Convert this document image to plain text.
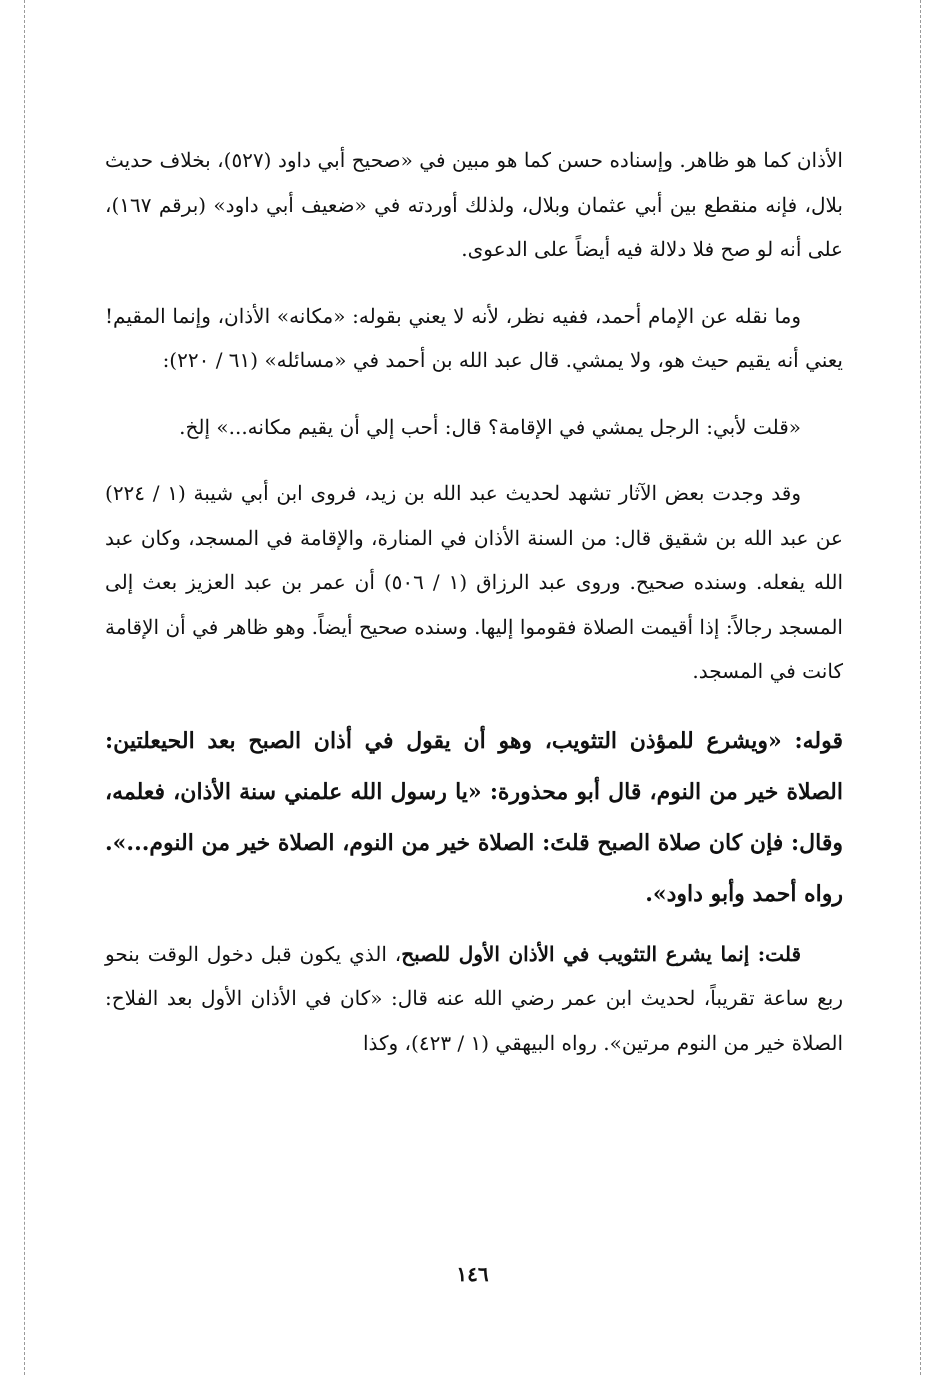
الأذان كما هو ظاهر. وإسناده حسن كما هو مبين في «صحيح أبي داود (٥٢٧)، بخلاف حديث بلال، فإنه منقطع بين أبي عثمان وبلال، ولذلك أوردته في «ضعيف أبي داود» (برقم ١٦٧)، على أنه لو صح فلا دلالة فيه أيضاً على الدعوى.

وما نقله عن الإمام أحمد، ففيه نظر، لأنه لا يعني بقوله: «مكانه» الأذان، وإنما المقيم! يعني أنه يقيم حيث هو، ولا يمشي. قال عبد الله بن أحمد في «مسائله» (٦١ / ٢٢٠):

«قلت لأبي: الرجل يمشي في الإقامة؟ قال: أحب إلي أن يقيم مكانه...» إلخ.

وقد وجدت بعض الآثار تشهد لحديث عبد الله بن زيد، فروى ابن أبي شيبة (١ / ٢٢٤) عن عبد الله بن شقيق قال: من السنة الأذان في المنارة، والإقامة في المسجد، وكان عبد الله يفعله. وسنده صحيح. وروى عبد الرزاق (١ / ٥٠٦) أن عمر بن عبد العزيز بعث إلى المسجد رجالاً: إذا أقيمت الصلاة فقوموا إليها. وسنده صحيح أيضاً. وهو ظاهر في أن الإقامة كانت في المسجد.

قوله: «ويشرع للمؤذن التثويب، وهو أن يقول في أذان الصبح بعد الحيعلتين: الصلاة خير من النوم، قال أبو محذورة: «يا رسول الله علمني سنة الأذان، فعلمه، وقال: فإن كان صلاة الصبح قلتَ: الصلاة خير من النوم، الصلاة خير من النوم...». رواه أحمد وأبو داود».

قلت: إنما يشرع التثويب في الأذان الأول للصبح، الذي يكون قبل دخول الوقت بنحو ربع ساعة تقريباً، لحديث ابن عمر رضي الله عنه قال: «كان في الأذان الأول بعد الفلاح: الصلاة خير من النوم مرتين». رواه البيهقي (١ / ٤٢٣)، وكذا

١٤٦
